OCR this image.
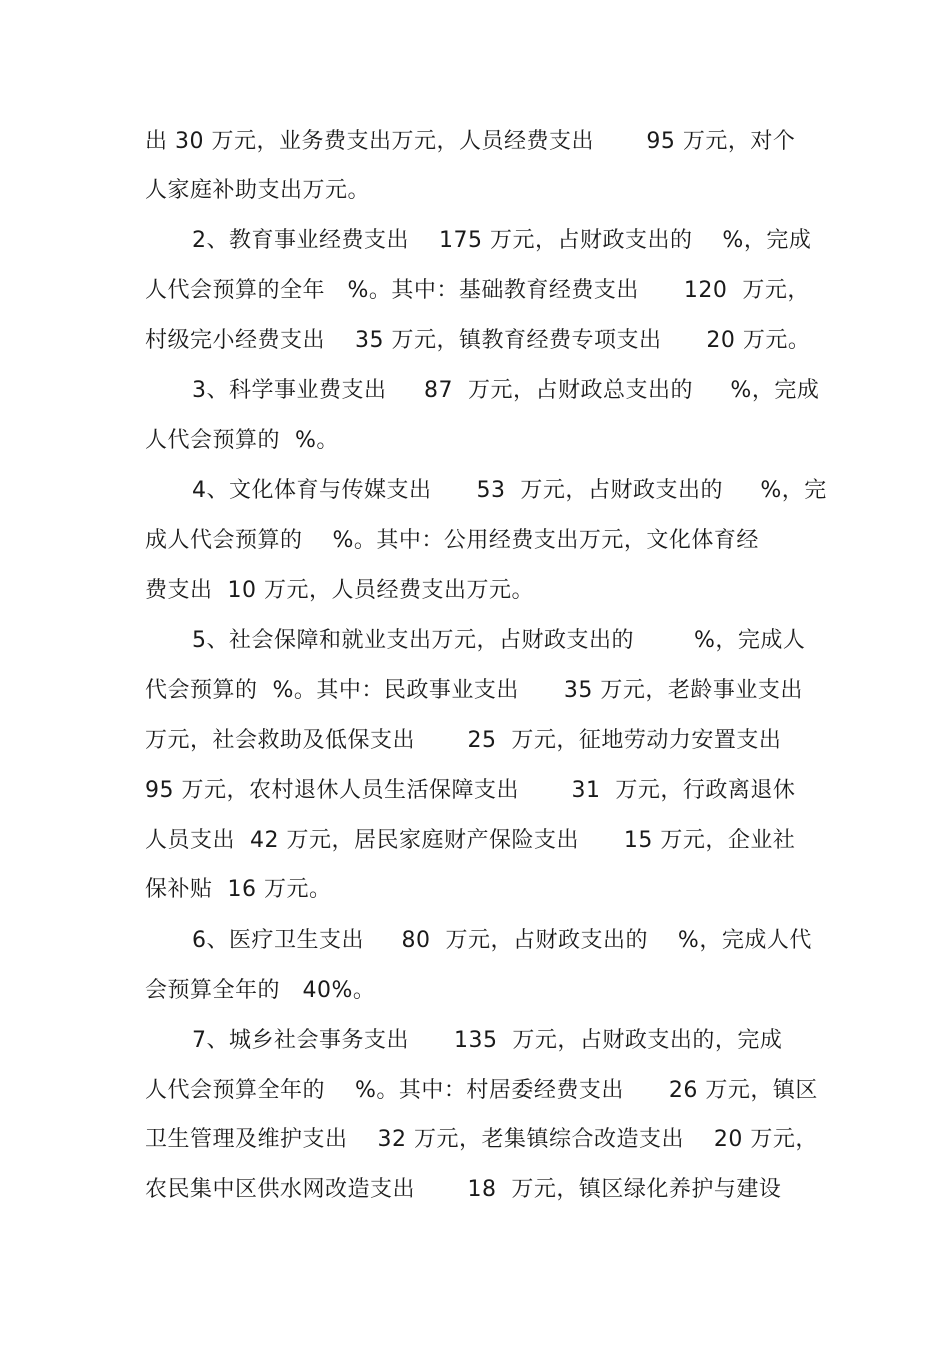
出 30 万元，业务费支出万元，人员经费支出       95 万元，对个
人家庭补助支出万元。
2、教育事业经费支出    175 万元，占财政支出的    %，完成
人代会预算的全年   %。其中：基础教育经费支出      120  万元，
村级完小经费支出    35 万元，镇教育经费专项支出      20 万元。
3、科学事业费支出     87  万元，占财政总支出的     %，完成
人代会预算的  %。
4、文化体育与传媒支出      53  万元，占财政支出的     %，完
成人代会预算的    %。其中：公用经费支出万元，文化体育经
费支出  10 万元，人员经费支出万元。
5、社会保障和就业支出万元，占财政支出的        %，完成人
代会预算的  %。其中：民政事业支出      35 万元，老龄事业支出
万元，社会救助及低保支出       25  万元，征地劳动力安置支出
95 万元，农村退休人员生活保障支出       31  万元，行政离退休
人员支出  42 万元，居民家庭财产保险支出      15 万元，企业社
保补贴  16 万元。
6、医疗卫生支出     80  万元，占财政支出的    %，完成人代
会预算全年的   40%。
7、城乡社会事务支出      135  万元，占财政支出的，完成
人代会预算全年的    %。其中：村居委经费支出      26 万元，镇区
卫生管理及维护支出    32 万元，老集镇综合改造支出    20 万元，
农民集中区供水网改造支出       18  万元，镇区绿化养护与建设
